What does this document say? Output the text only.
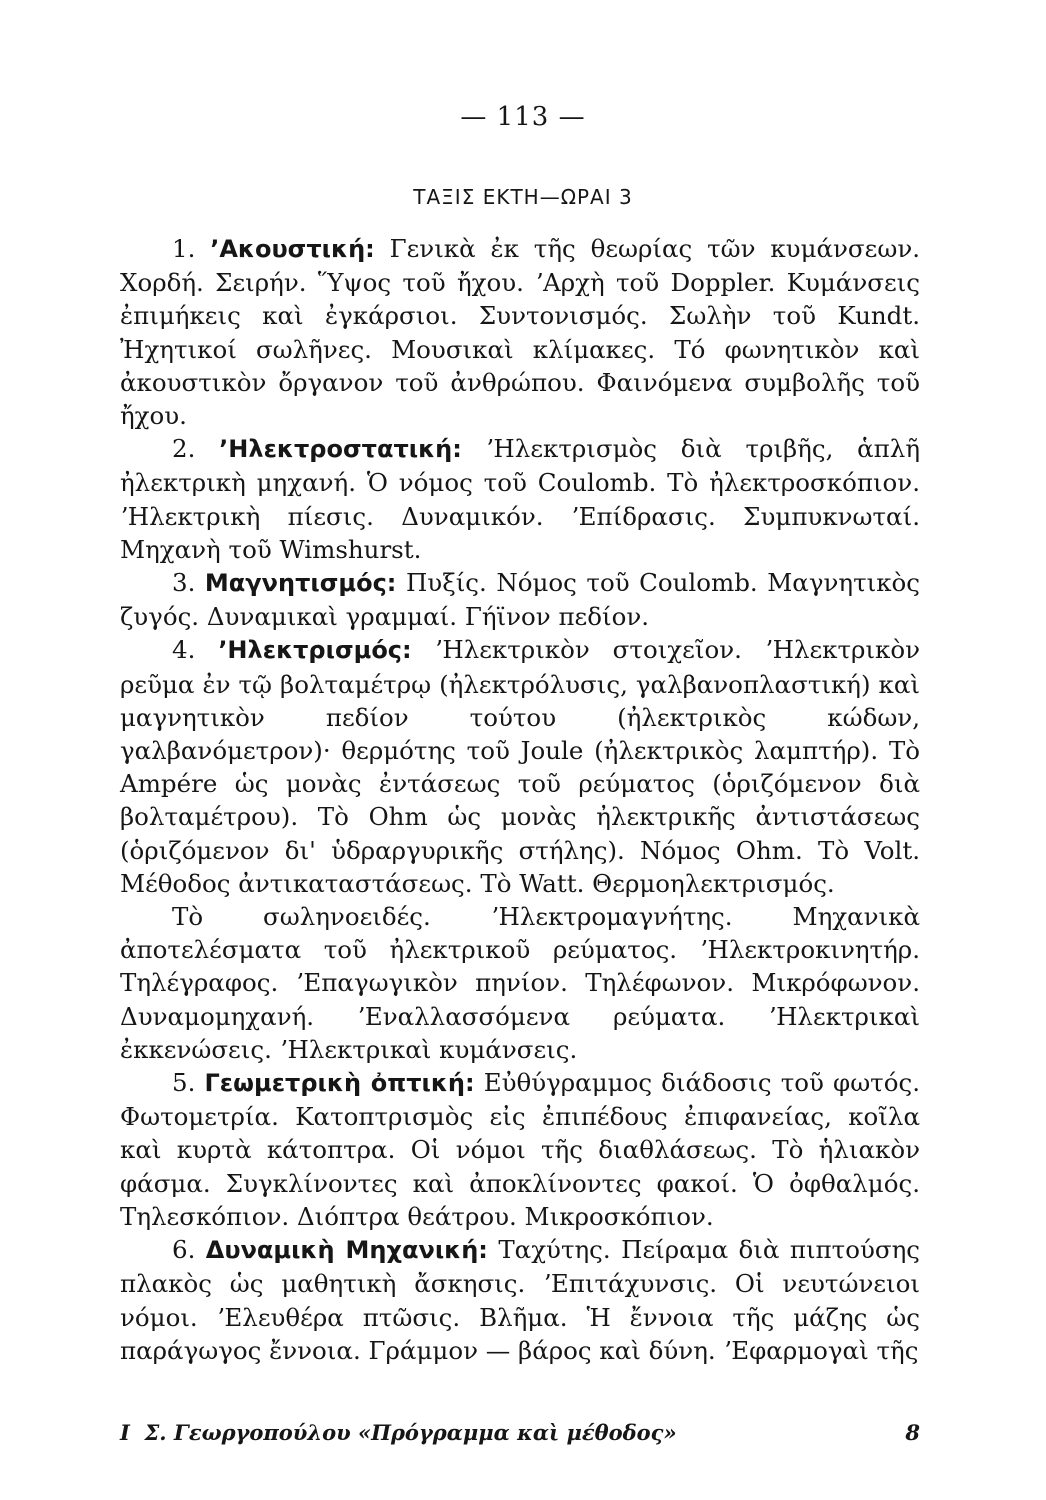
— 113 —
ΤΑΞΙΣ ΕΚΤΗ—ΩΡΑΙ 3

1. ʼΑκουστική: Γενικὰ ἐκ τῆς θεωρίας τῶν κυμάνσεων. Χορδή. Σειρήν. Ὕψος τοῦ ἤχου. ʼΑρχὴ τοῦ Doppler. Κυμάνσεις ἐπιμήκεις καὶ ἐγκάρσιοι. Συντονισμός. Σωλὴν τοῦ Kundt. Ἠχητικοί σωλῆνες. Μουσικαὶ κλίμακες. Τό φωνητικὸν καὶ ἀκουστικὸν ὄργανον τοῦ ἀνθρώπου. Φαινόμενα συμβολῆς τοῦ ἤχου.

2. ʼΗλεκτροστατική: ʼΗλεκτρισμὸς διὰ τριβῆς, ἁπλῆ ἠλεκτρικὴ μηχανή. Ὁ νόμος τοῦ Coulomb. Τὸ ἠλεκτροσκόπιον. ʼΗλεκτρικὴ πίεσις. Δυναμικόν. ʼΕπίδρασις. Συμπυκνωταί. Μηχανὴ τοῦ Wimshurst.

3. Μαγνητισμός: Πυξίς. Νόμος τοῦ Coulomb. Μαγνητικὸς ζυγός. Δυναμικαὶ γραμμαί. Γήϊνον πεδίον.

4. ʼΗλεκτρισμός: ʼΗλεκτρικὸν στοιχεῖον. ʼΗλεκτρικὸν ρεῦμα ἐν τῷ βολταμέτρῳ (ἠλεκτρόλυσις, γαλβανοπλαστική) καὶ μαγνητικὸν πεδίον τούτου (ἠλεκτρικὸς κώδων, γαλβανόμετρον)· θερμότης τοῦ Joule (ἠλεκτρικὸς λαμπτήρ). Τὸ Ampére ὡς μονὰς ἐντάσεως τοῦ ρεύματος (ὁριζόμενον διὰ βολταμέτρου). Τὸ Ohm ὡς μονὰς ἠλεκτρικῆς ἀντιστάσεως (ὁριζόμενον δι' ὑδραργυρικῆς στήλης). Νόμος Ohm. Τὸ Volt. Μέθοδος ἀντικαταστάσεως. Τὸ Watt. Θερμοηλεκτρισμός.

Τὸ σωληνοειδές. ʼΗλεκτρομαγνήτης. Μηχανικὰ ἀποτελέσματα τοῦ ἠλεκτρικοῦ ρεύματος. ʼΗλεκτροκινητήρ. Τηλέγραφος. ʼΕπαγωγικὸν πηνίον. Τηλέφωνον. Μικρόφωνον. Δυναμομηχανή. ʼΕναλλασσόμενα ρεύματα. ʼΗλεκτρικαὶ ἐκκενώσεις. ʼΗλεκτρικαὶ κυμάνσεις.

5. Γεωμετρικὴ ὀπτική: Εὐθύγραμμος διάδοσις τοῦ φωτός. Φωτομετρία. Κατοπτρισμὸς εἰς ἐπιπέδους ἐπιφανείας, κοῖλα καὶ κυρτὰ κάτοπτρα. Οἱ νόμοι τῆς διαθλάσεως. Τὸ ἡλιακὸν φάσμα. Συγκλίνοντες καὶ ἀποκλίνοντες φακοί. Ὁ ὀφθαλμός. Τηλεσκόπιον. Διόπτρα θεάτρου. Μικροσκόπιον.

6. Δυναμικὴ Μηχανική: Ταχύτης. Πείραμα διὰ πιπτούσης πλακὸς ὡς μαθητικὴ ἄσκησις. ʼΕπιτάχυνσις. Οἱ νευτώνειοι νόμοι. ʼΕλευθέρα πτῶσις. Βλῆμα. Ἡ ἔννοια τῆς μάζης ὡς παράγωγος ἔννοια. Γράμμον — βάρος καὶ δύνη. ʼΕφαρμογαὶ τῆς

Ι  Σ. Γεωργοπούλου «Πρόγραμμα καὶ μέθοδος»	8
